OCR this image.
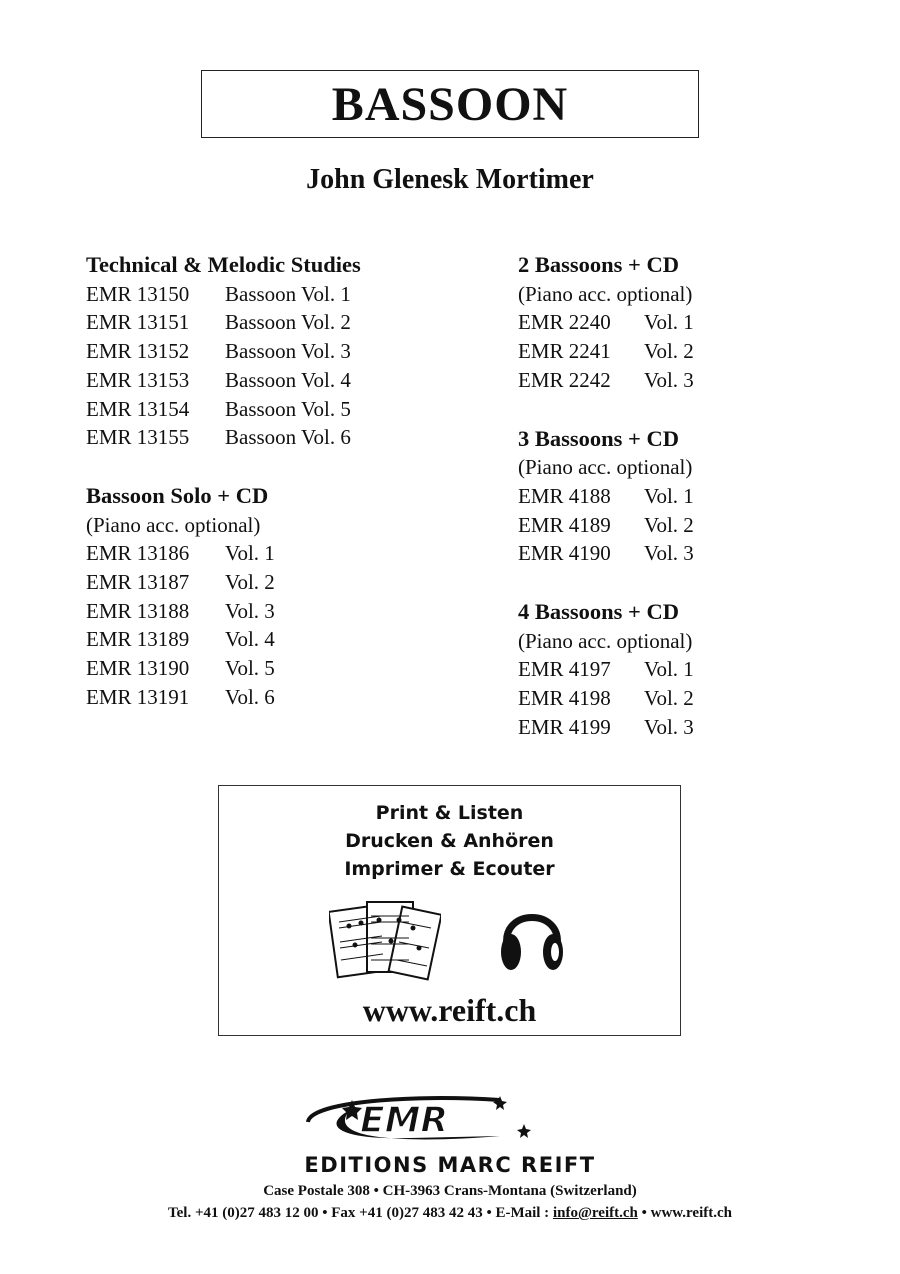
BASSOON
John Glenesk Mortimer
Technical & Melodic Studies
EMR 13150	Bassoon Vol. 1
EMR 13151	Bassoon Vol. 2
EMR 13152	Bassoon Vol. 3
EMR 13153	Bassoon Vol. 4
EMR 13154	Bassoon Vol. 5
EMR 13155	Bassoon Vol. 6
Bassoon Solo + CD
(Piano acc. optional)
EMR 13186	Vol. 1
EMR 13187	Vol. 2
EMR 13188	Vol. 3
EMR 13189	Vol. 4
EMR 13190	Vol. 5
EMR 13191	Vol. 6
2 Bassoons + CD
(Piano acc. optional)
EMR 2240	Vol. 1
EMR 2241	Vol. 2
EMR 2242	Vol. 3
3 Bassoons + CD
(Piano acc. optional)
EMR 4188	Vol. 1
EMR 4189	Vol. 2
EMR 4190	Vol. 3
4 Bassoons + CD
(Piano acc. optional)
EMR 4197	Vol. 1
EMR 4198	Vol. 2
EMR 4199	Vol. 3
Print & Listen
Drucken & Anhören
Imprimer & Ecouter
www.reift.ch
EMR
EDITIONS MARC REIFT
Case Postale 308 • CH-3963 Crans-Montana (Switzerland)
Tel. +41 (0)27 483 12 00 • Fax +41 (0)27 483 42 43 • E-Mail : info@reift.ch • www.reift.ch
